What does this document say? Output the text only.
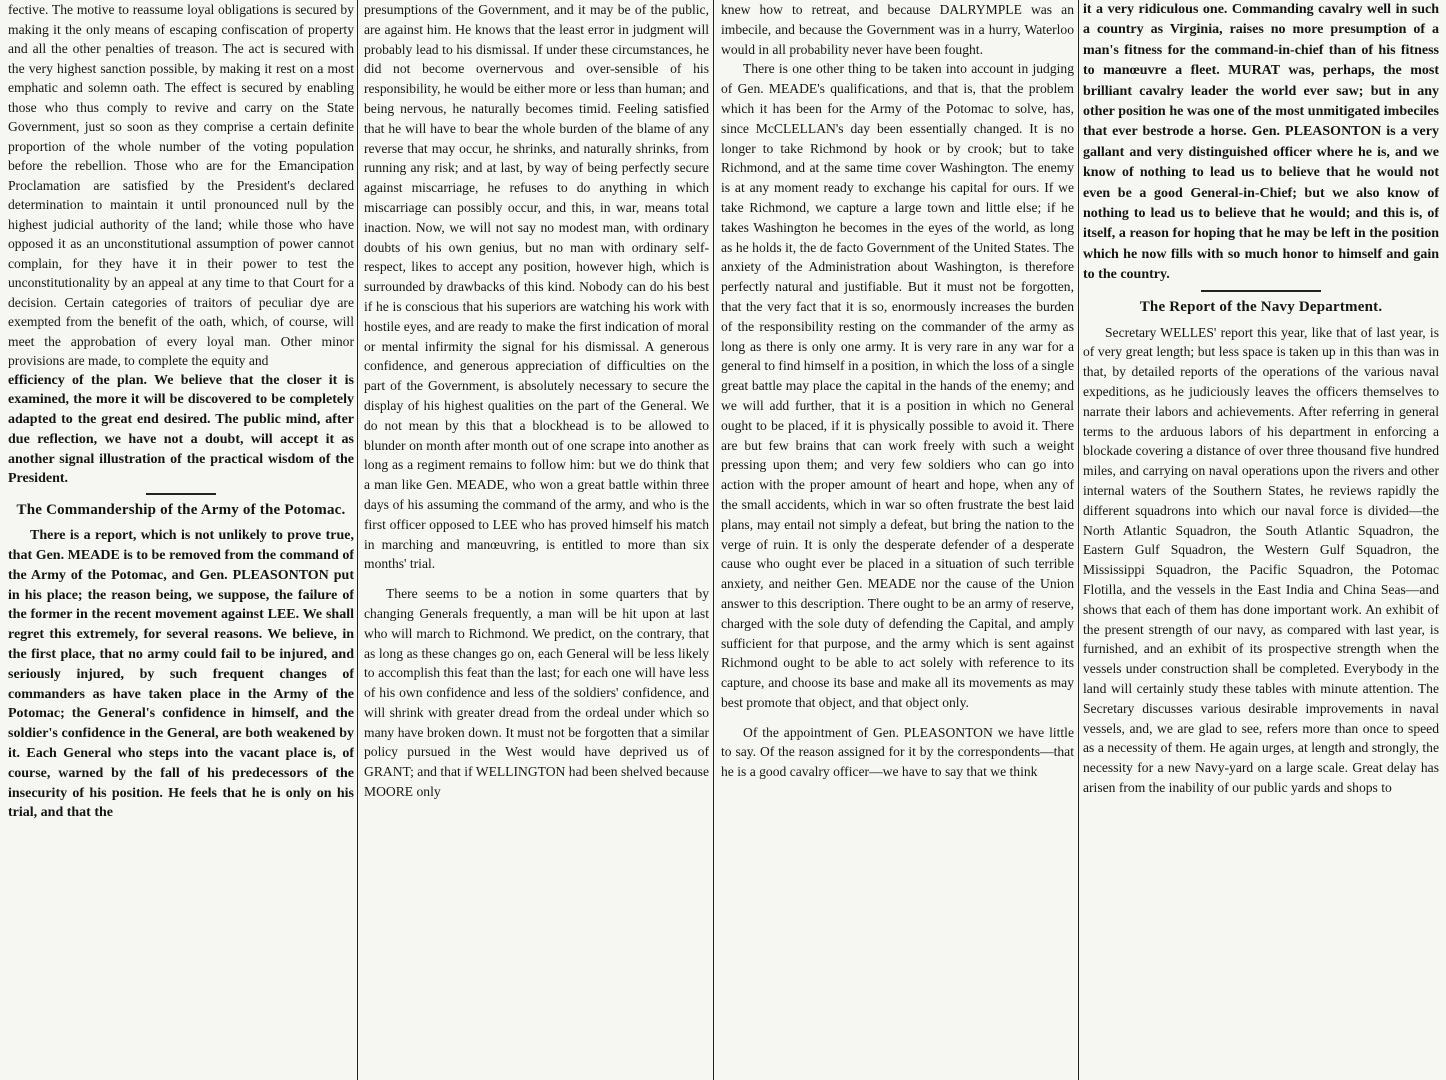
fective. The motive to reassume loyal obligations is secured by making it the only means of escaping confiscation of property and all the other penalties of treason. The act is secured with the very highest sanction possible, by making it rest on a most emphatic and solemn oath. The effect is secured by enabling those who thus comply to revive and carry on the State Government, just so soon as they comprise a certain definite proportion of the whole number of the voting population before the rebellion. Those who are for the Emancipation Proclamation are satisfied by the President's declared determination to maintain it until pronounced null by the highest judicial authority of the land; while those who have opposed it as an unconstitutional assumption of power cannot complain, for they have it in their power to test the unconstitutionality by an appeal at any time to that Court for a decision. Certain categories of traitors of peculiar dye are exempted from the benefit of the oath, which, of course, will meet the approbation of every loyal man. Other minor provisions are made, to complete the equity and

efficiency of the plan. We believe that the closer it is examined, the more it will be discovered to be completely adapted to the great end desired. The public mind, after due reflection, we have not a doubt, will accept it as another signal illustration of the practical wisdom of the President.

The Commandership of the Army of the Potomac.

There is a report, which is not unlikely to prove true, that Gen. MEADE is to be removed from the command of the Army of the Potomac, and Gen. PLEASONTON put in his place; the reason being, we suppose, the failure of the former in the recent movement against LEE. We shall regret this extremely, for several reasons. We believe, in the first place, that no army could fail to be injured, and seriously injured, by such frequent changes of commanders as have taken place in the Army of the Potomac; the General's confidence in himself, and the soldier's confidence in the General, are both weakened by it. Each General who steps into the vacant place is, of course, warned by the fall of his predecessors of the insecurity of his position. He feels that he is only on his trial, and that the

presumptions of the Government, and it may be of the public, are against him. He knows that the least error in judgment will probably lead to his dismissal. If under these circumstances, he did not become overnervous and over-sensible of his responsibility, he would be either more or less than human; and being nervous, he naturally becomes timid. Feeling satisfied that he will have to bear the whole burden of the blame of any reverse that may occur, he shrinks, and naturally shrinks, from running any risk; and at last, by way of being perfectly secure against miscarriage, he refuses to do anything in which miscarriage can possibly occur, and this, in war, means total inaction. Now, we will not say no modest man, with ordinary doubts of his own genius, but no man with ordinary self-respect, likes to accept any position, however high, which is surrounded by drawbacks of this kind. Nobody can do his best if he is conscious that his superiors are watching his work with hostile eyes, and are ready to make the first indication of moral or mental infirmity the signal for his dismissal. A generous confidence, and generous appreciation of difficulties on the part of the Government, is absolutely necessary to secure the display of his highest qualities on the part of the General. We do not mean by this that a blockhead is to be allowed to blunder on month after month out of one scrape into another as long as a regiment remains to follow him: but we do think that a man like Gen. MEADE, who won a great battle within three days of his assuming the command of the army, and who is the first officer opposed to LEE who has proved himself his match in marching and manœuvring, is entitled to more than six months' trial.

There seems to be a notion in some quarters that by changing Generals frequently, a man will be hit upon at last who will march to Richmond. We predict, on the contrary, that as long as these changes go on, each General will be less likely to accomplish this feat than the last; for each one will have less of his own confidence and less of the soldiers' confidence, and will shrink with greater dread from the ordeal under which so many have broken down. It must not be forgotten that a similar policy pursued in the West would have deprived us of GRANT; and that if WELLINGTON had been shelved because MOORE only

knew how to retreat, and because DALRYMPLE was an imbecile, and because the Government was in a hurry, Waterloo would in all probability never have been fought.

There is one other thing to be taken into account in judging of Gen. MEADE's qualifications, and that is, that the problem which it has been for the Army of the Potomac to solve, has, since McCLELLAN's day been essentially changed. It is no longer to take Richmond by hook or by crook; but to take Richmond, and at the same time cover Washington. The enemy is at any moment ready to exchange his capital for ours. If we take Richmond, we capture a large town and little else; if he takes Washington he becomes in the eyes of the world, as long as he holds it, the de facto Government of the United States. The anxiety of the Administration about Washington, is therefore perfectly natural and justifiable. But it must not be forgotten, that the very fact that it is so, enormously increases the burden of the responsibility resting on the commander of the army as long as there is only one army. It is very rare in any war for a general to find himself in a position, in which the loss of a single great battle may place the capital in the hands of the enemy; and we will add further, that it is a position in which no General ought to be placed, if it is physically possible to avoid it. There are but few brains that can work freely with such a weight pressing upon them; and very few soldiers who can go into action with the proper amount of heart and hope, when any of the small accidents, which in war so often frustrate the best laid plans, may entail not simply a defeat, but bring the nation to the verge of ruin. It is only the desperate defender of a desperate cause who ought ever be placed in a situation of such terrible anxiety, and neither Gen. MEADE nor the cause of the Union answer to this description. There ought to be an army of reserve, charged with the sole duty of defending the Capital, and amply sufficient for that purpose, and the army which is sent against Richmond ought to be able to act solely with reference to its capture, and choose its base and make all its movements as may best promote that object, and that object only.

Of the appointment of Gen. PLEASONTON we have little to say. Of the reason assigned for it by the correspondents—that he is a good cavalry officer—we have to say that we think

it a very ridiculous one. Commanding cavalry well in such a country as Virginia, raises no more presumption of a man's fitness for the command-in-chief than of his fitness to manœuvre a fleet. MURAT was, perhaps, the most brilliant cavalry leader the world ever saw; but in any other position he was one of the most unmitigated imbeciles that ever bestrode a horse. Gen. PLEASONTON is a very gallant and very distinguished officer where he is, and we know of nothing to lead us to believe that he would not even be a good General-in-Chief; but we also know of nothing to lead us to believe that he would; and this is, of itself, a reason for hoping that he may be left in the position which he now fills with so much honor to himself and gain to the country.

The Report of the Navy Department.

Secretary WELLES' report this year, like that of last year, is of very great length; but less space is taken up in this than was in that, by detailed reports of the operations of the various naval expeditions, as he judiciously leaves the officers themselves to narrate their labors and achievements. After referring in general terms to the arduous labors of his department in enforcing a blockade covering a distance of over three thousand five hundred miles, and carrying on naval operations upon the rivers and other internal waters of the Southern States, he reviews rapidly the different squadrons into which our naval force is divided—the North Atlantic Squadron, the South Atlantic Squadron, the Eastern Gulf Squadron, the Western Gulf Squadron, the Mississippi Squadron, the Pacific Squadron, the Potomac Flotilla, and the vessels in the East India and China Seas—and shows that each of them has done important work. An exhibit of the present strength of our navy, as compared with last year, is furnished, and an exhibit of its prospective strength when the vessels under construction shall be completed. Everybody in the land will certainly study these tables with minute attention. The Secretary discusses various desirable improvements in naval vessels, and, we are glad to see, refers more than once to speed as a necessity of them. He again urges, at length and strongly, the necessity for a new Navy-yard on a large scale. Great delay has arisen from the inability of our public yards and shops to
